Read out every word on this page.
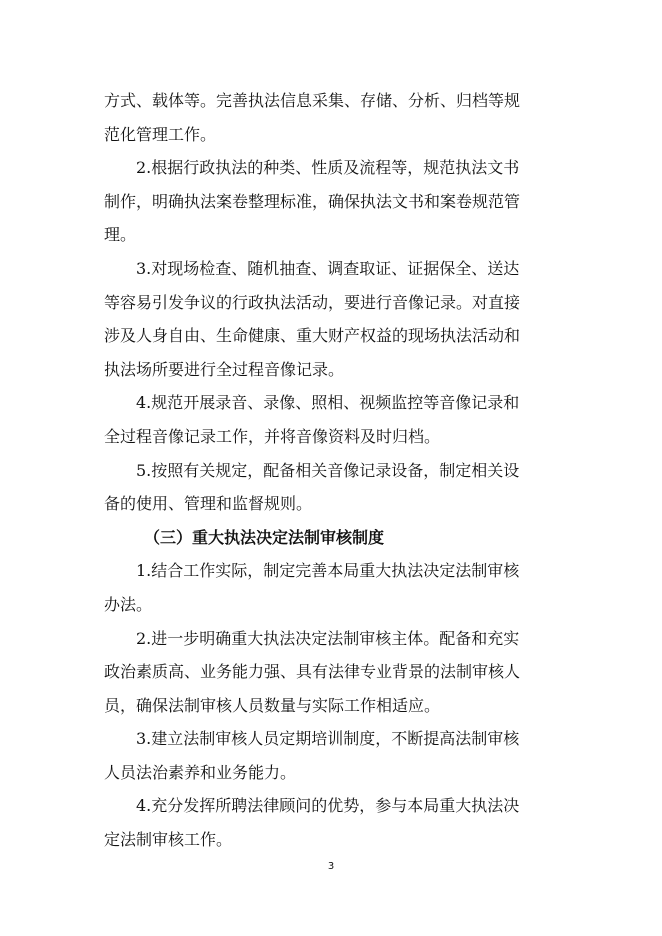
方式、载体等。完善执法信息采集、存储、分析、归档等规
范化管理工作。
2.根据行政执法的种类、性质及流程等，规范执法文书
制作，明确执法案卷整理标准，确保执法文书和案卷规范管
理。
3.对现场检查、随机抽查、调查取证、证据保全、送达
等容易引发争议的行政执法活动，要进行音像记录。对直接
涉及人身自由、生命健康、重大财产权益的现场执法活动和
执法场所要进行全过程音像记录。
4.规范开展录音、录像、照相、视频监控等音像记录和
全过程音像记录工作，并将音像资料及时归档。
5.按照有关规定，配备相关音像记录设备，制定相关设
备的使用、管理和监督规则。
（三）重大执法决定法制审核制度
1.结合工作实际，制定完善本局重大执法决定法制审核
办法。
2.进一步明确重大执法决定法制审核主体。配备和充实
政治素质高、业务能力强、具有法律专业背景的法制审核人
员，确保法制审核人员数量与实际工作相适应。
3.建立法制审核人员定期培训制度，不断提高法制审核
人员法治素养和业务能力。
4.充分发挥所聘法律顾问的优势，参与本局重大执法决
定法制审核工作。
3
